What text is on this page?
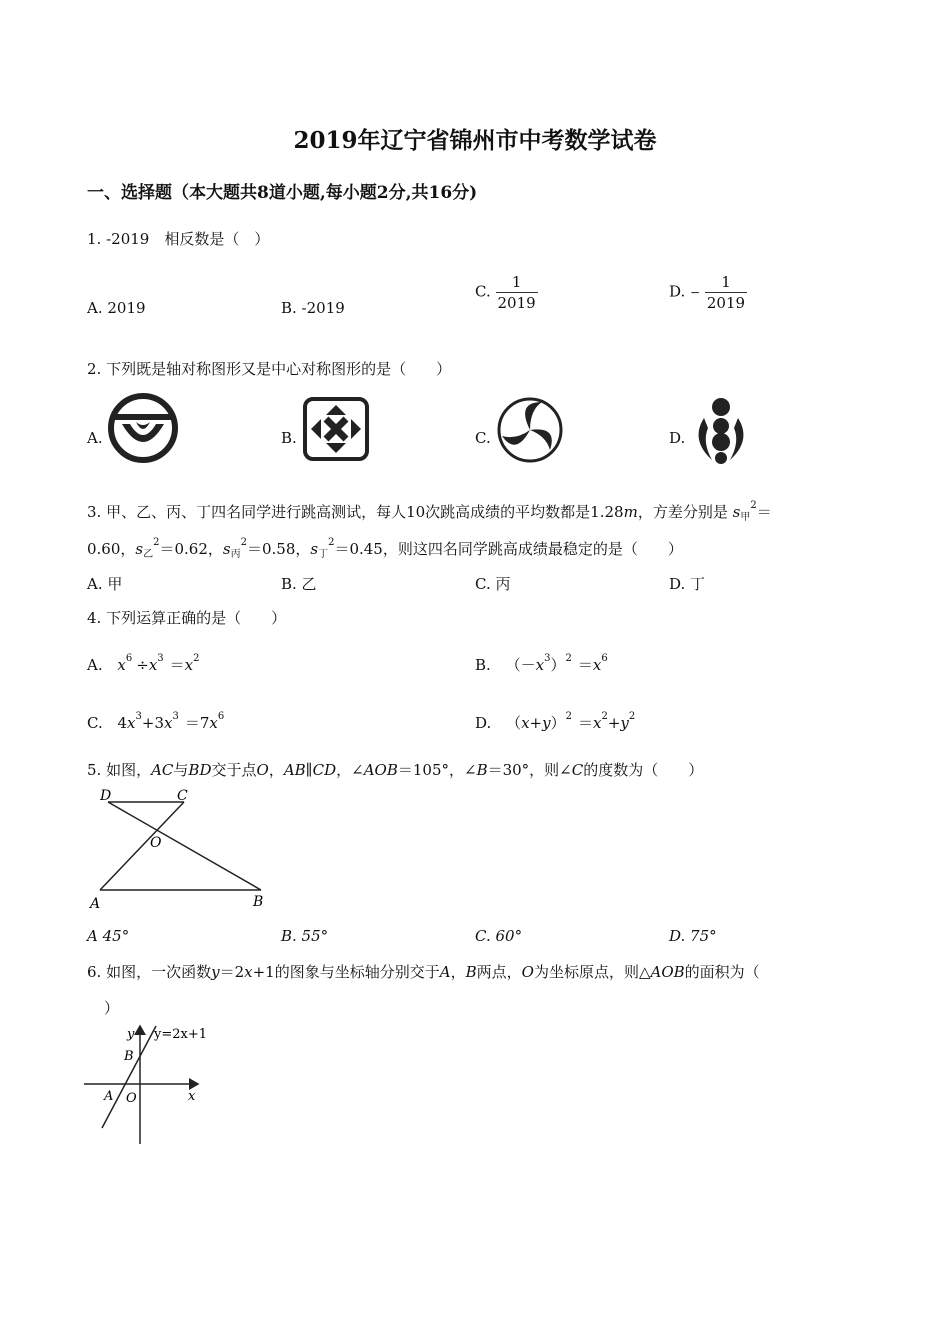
2019年辽宁省锦州市中考数学试卷
一、选择题（本大题共8道小题,每小题2分,共16分)
1. -2019　相反数是（　）
A. 2019	B. -2019
C. $\frac{1}{2019}$	D. − $\frac{1}{2019}$
2. 下列既是轴对称图形又是中心对称图形的是（　　）
A.	B.	C.	D.
3. 甲、乙、丙、丁四名同学进行跳高测试，每人10次跳高成绩的平均数都是1.28m，方差分别是 $s_甲^2=$
0.60，$s_乙^2=0.62$，$s_丙^2=0.58$，$s_丁^2=0.45$，则这四名同学跳高成绩最稳定的是（　　）
A. 甲	B. 乙	C. 丙	D. 丁
4. 下列运算正确的是（　　）
A. $x^6 \div x^3 =x^2$	B. $(-x^3)^2 =x^6$
C. $4x^3+3x^3 =7x^6$	D. $(x+y)^2 =x^2+y^2$
5. 如图，AC与BD交于点O，AB∥CD，∠AOB＝105°，∠B＝30°，则∠C的度数为（　　）
D	C
O
A	B
A 45°	B. 55°	C. 60°	D. 75°
6. 如图，一次函数y＝2x+1的图象与坐标轴分别交于A，B两点，O为坐标原点，则△AOB的面积为（
）
y y=2x+1
B
A O	x
